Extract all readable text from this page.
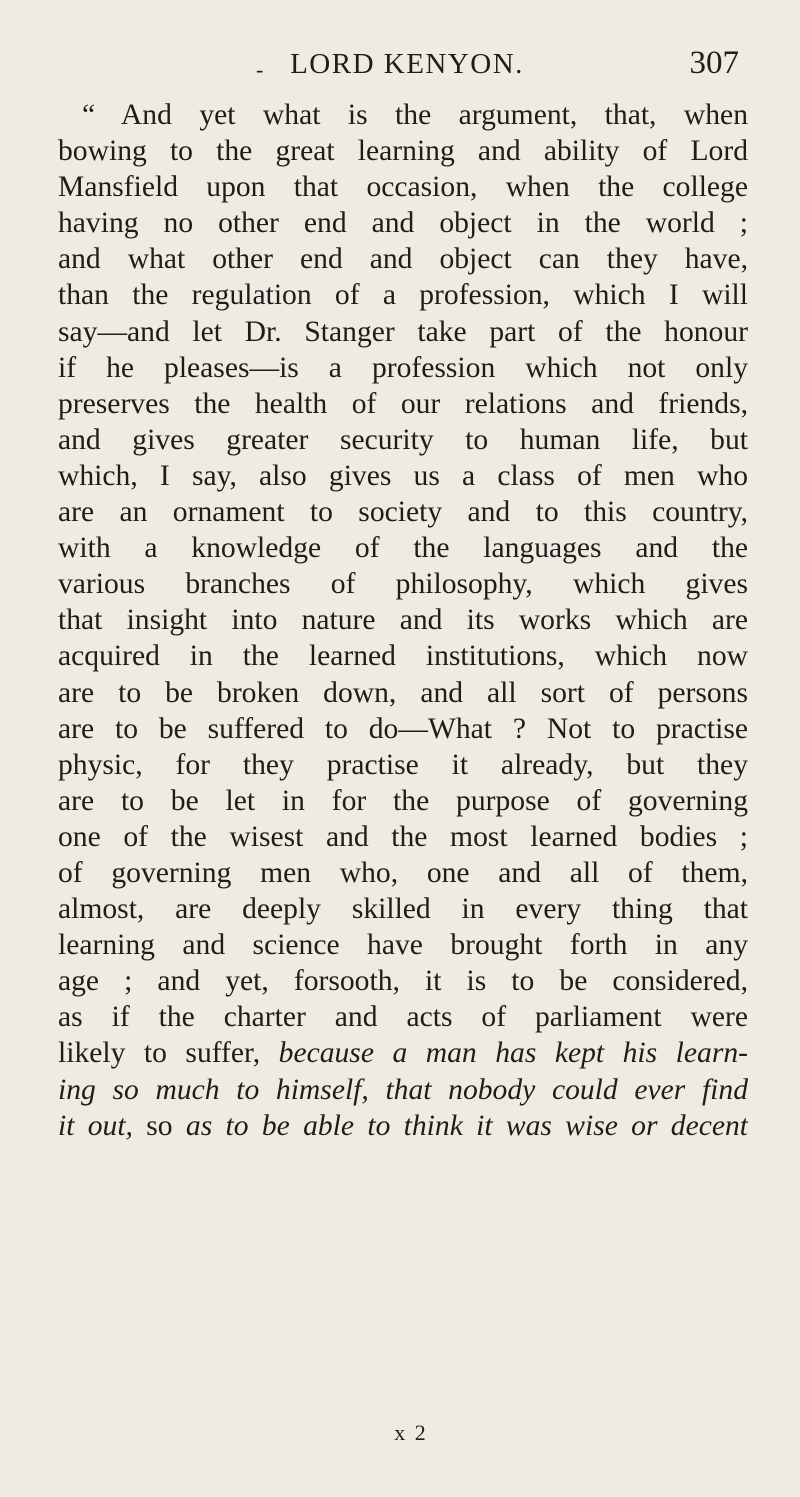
- LORD KENYON.	307
“ And yet what is the argument, that, when
bowing to the great learning and ability of Lord
Mansfield upon that occasion, when the college
having no other end and object in the world ;
and what other end and object can they have,
than the regulation of a profession, which I will
say—and let Dr. Stanger take part of the honour
if he pleases—is a profession which not only
preserves the health of our relations and friends,
and gives greater security to human life, but
which, I say, also gives us a class of men who
are an ornament to society and to this country,
with a knowledge of the languages and the
various branches of philosophy, which gives
that insight into nature and its works which are
acquired in the learned institutions, which now
are to be broken down, and all sort of persons
are to be suffered to do—What ? Not to practise
physic, for they practise it already, but they
are to be let in for the purpose of governing
one of the wisest and the most learned bodies ;
of governing men who, one and all of them,
almost, are deeply skilled in every thing that
learning and science have brought forth in any
age ; and yet, forsooth, it is to be considered,
as if the charter and acts of parliament were
likely to suffer, because a man has kept his learn-
ing so much to himself, that nobody could ever find
it out, so as to be able to think it was wise or decent
x 2
